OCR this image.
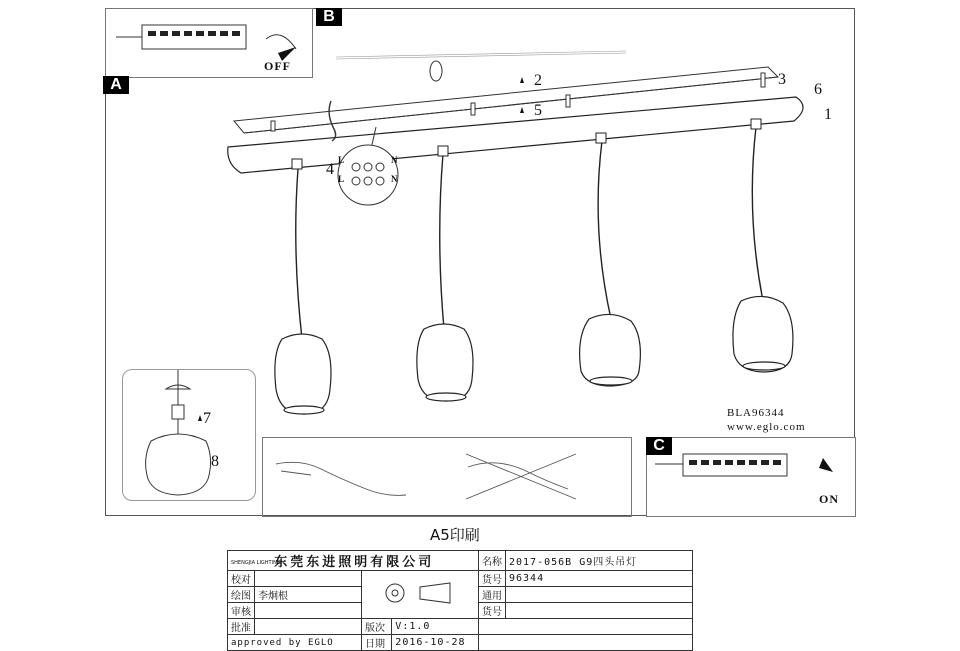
OFF
B
A
ON
C
2
5
3
6
1
4
7
8
L	N
L	N
BLA96344
www.eglo.com
A5印刷
SHENGJIA LIGHTING 东莞东进照明有限公司				名称	2017-056B G9四头吊灯
校对				货号	96344
绘图	李炯根			通用	
审核				货号	
批准		版次	V:1.0		
approved by EGLO		日期	2016-10-28		
